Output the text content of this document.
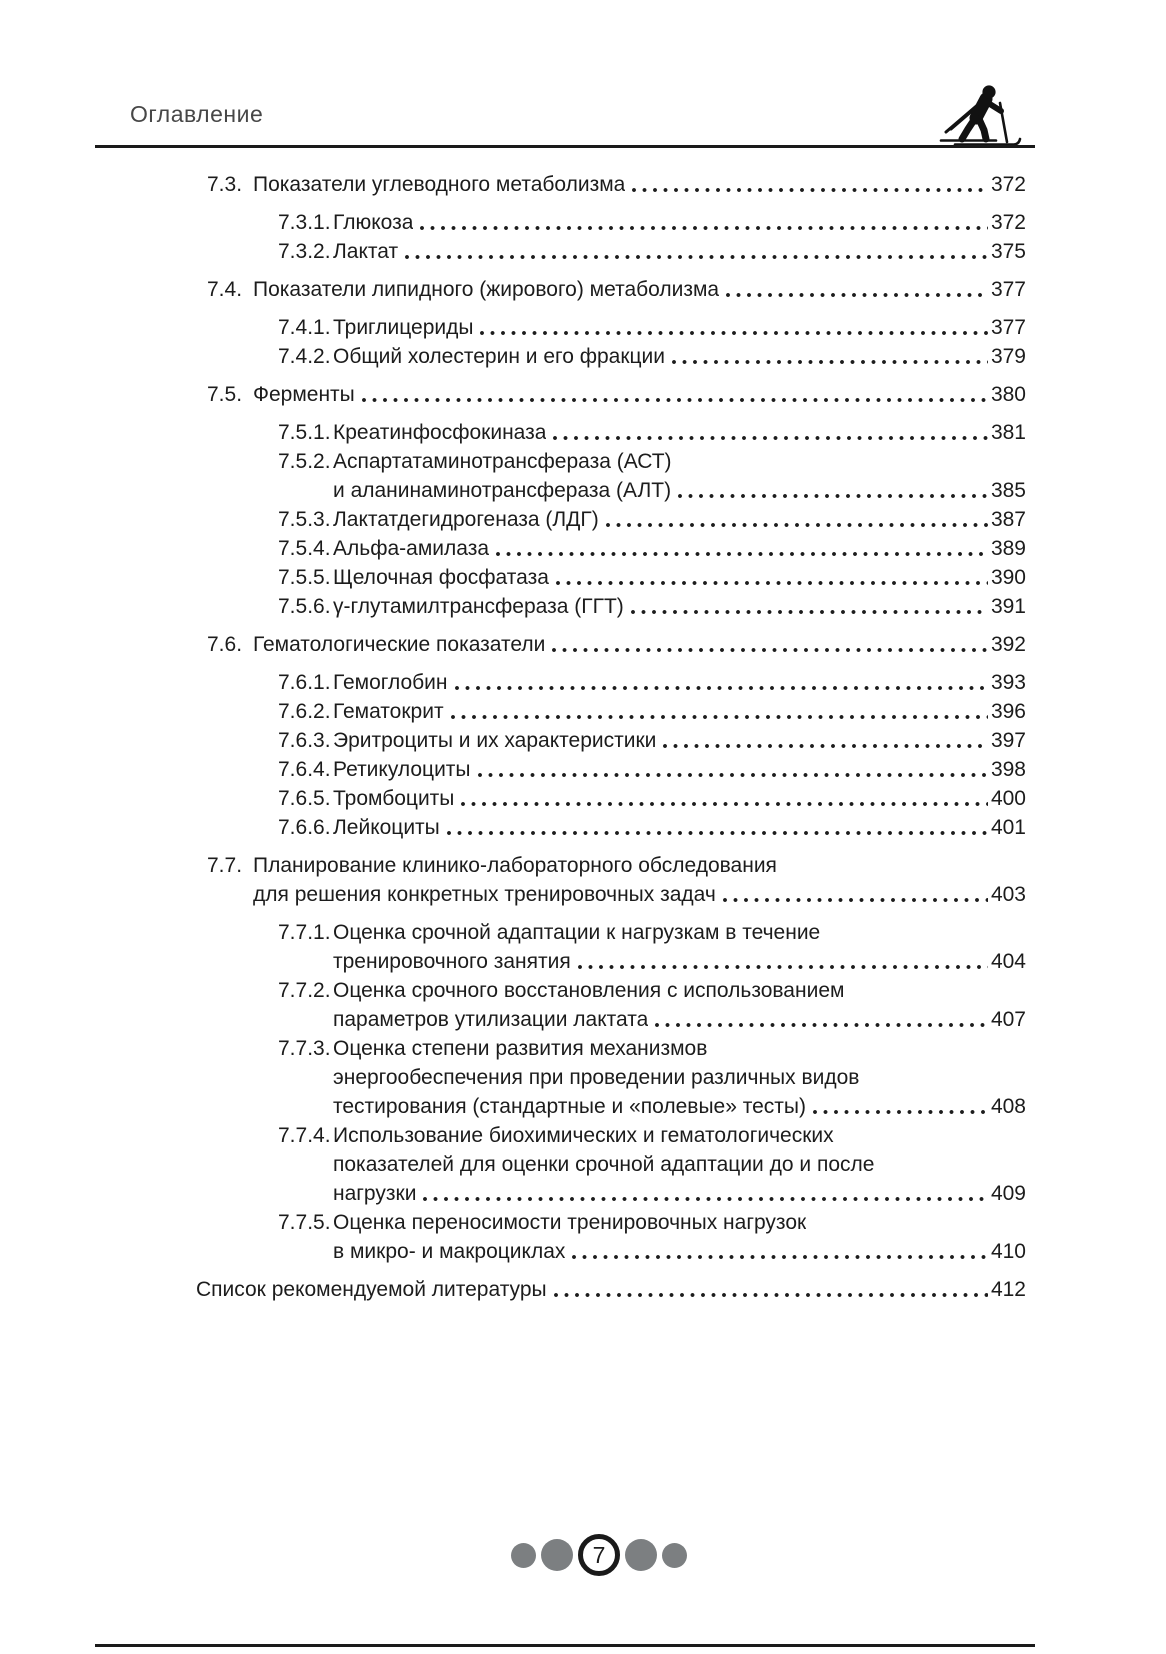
Оглавление
7.3. Показатели углеводного метаболизма	372
7.3.1. Глюкоза	372
7.3.2. Лактат	375
7.4. Показатели липидного (жирового) метаболизма	377
7.4.1. Триглицериды	377
7.4.2. Общий холестерин и его фракции	379
7.5. Ферменты	380
7.5.1. Креатинфосфокиназа	381
7.5.2. Аспартатаминотрансфераза (АСТ)
и аланинаминотрансфераза (АЛТ)	385
7.5.3. Лактатдегидрогеназа (ЛДГ)	387
7.5.4. Альфа-амилаза	389
7.5.5. Щелочная фосфатаза	390
7.5.6. γ-глутамилтрансфераза (ГГТ)	391
7.6. Гематологические показатели	392
7.6.1. Гемоглобин	393
7.6.2. Гематокрит	396
7.6.3. Эритроциты и их характеристики	397
7.6.4. Ретикулоциты	398
7.6.5. Тромбоциты	400
7.6.6. Лейкоциты	401
7.7. Планирование клинико-лабораторного обследования
для решения конкретных тренировочных задач	403
7.7.1. Оценка срочной адаптации к нагрузкам в течение
тренировочного занятия	404
7.7.2. Оценка срочного восстановления с использованием
параметров утилизации лактата	407
7.7.3. Оценка степени развития механизмов
энергообеспечения при проведении различных видов
тестирования (стандартные и «полевые» тесты)	408
7.7.4. Использование биохимических и гематологических
показателей для оценки срочной адаптации до и после
нагрузки	409
7.7.5. Оценка переносимости тренировочных нагрузок
в микро- и макроциклах	410
Список рекомендуемой литературы	412
7
